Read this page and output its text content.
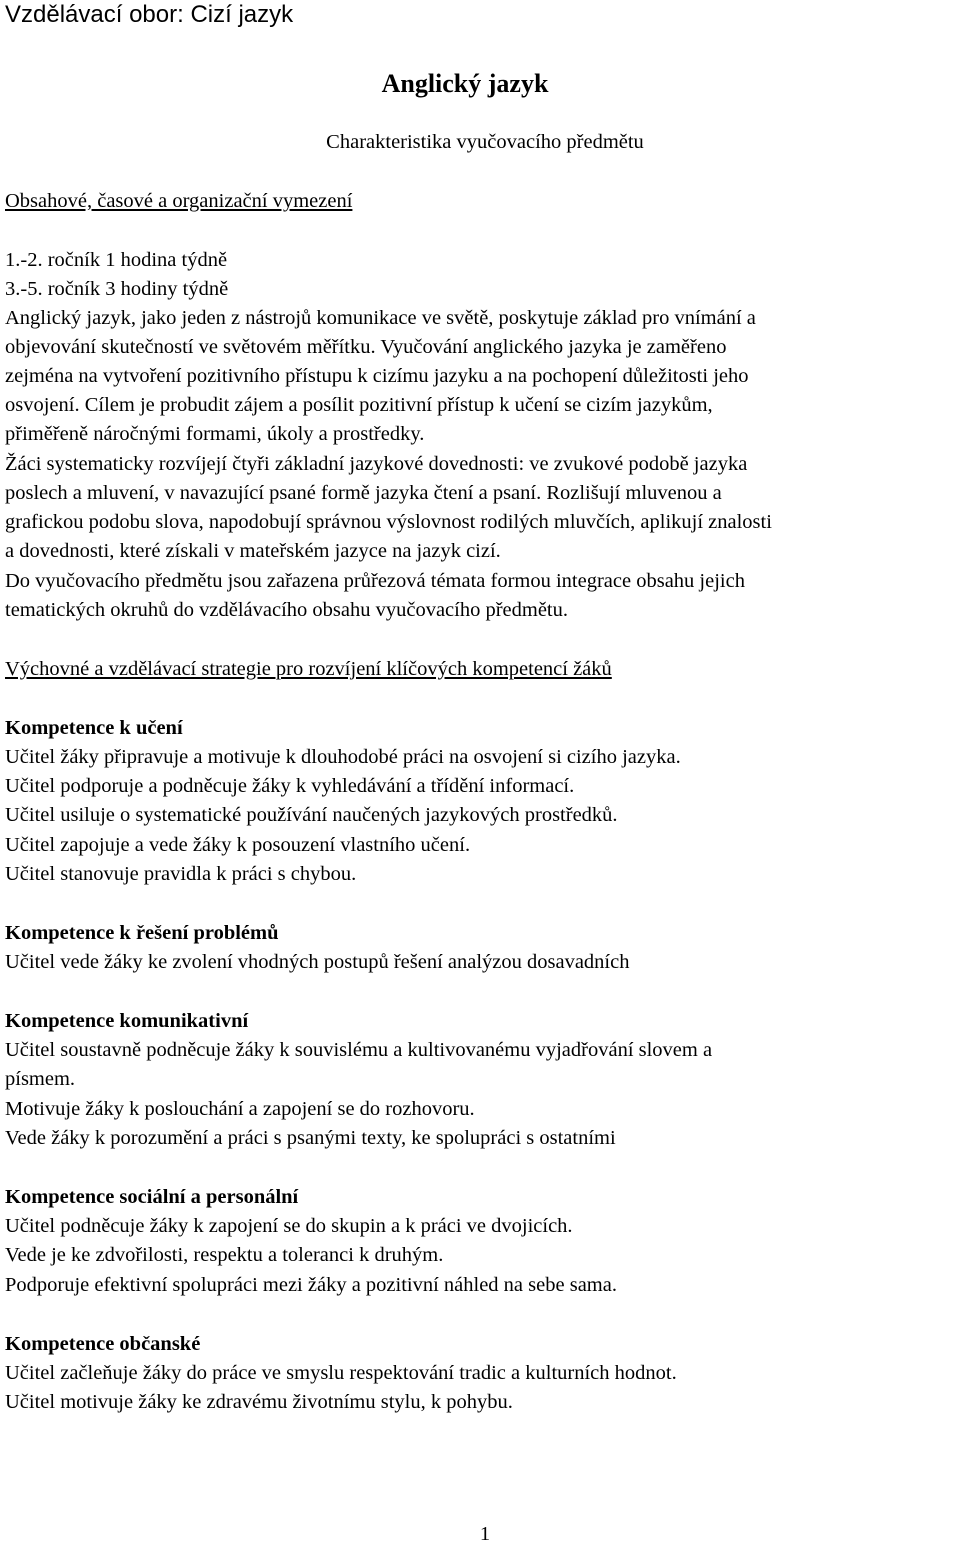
Vzdělávací obor: Cizí jazyk

Anglický jazyk

Charakteristika vyučovacího předmětu

Obsahové, časové a organizační vymezení

1.-2. ročník 1 hodina týdně

3.-5. ročník 3 hodiny týdně

Anglický jazyk, jako jeden z nástrojů komunikace ve světě, poskytuje základ pro vnímání a

objevování skutečností ve světovém měřítku. Vyučování anglického jazyka je zaměřeno

zejména na vytvoření pozitivního přístupu k cizímu jazyku a na pochopení důležitosti jeho

osvojení. Cílem je probudit zájem a posílit pozitivní přístup k učení se cizím jazykům,

přiměřeně náročnými formami, úkoly a prostředky.

Žáci systematicky rozvíjejí čtyři základní jazykové dovednosti: ve zvukové podobě jazyka

poslech a mluvení, v navazující psané formě jazyka čtení a psaní. Rozlišují mluvenou a

grafickou podobu slova, napodobují správnou výslovnost rodilých mluvčích, aplikují znalosti

a dovednosti, které získali v mateřském jazyce na jazyk cizí.

Do vyučovacího předmětu jsou zařazena průřezová témata formou integrace obsahu jejich

tematických okruhů do vzdělávacího obsahu vyučovacího předmětu.

Výchovné a vzdělávací strategie pro rozvíjení klíčových kompetencí žáků

Kompetence k učení

Učitel žáky připravuje a motivuje k dlouhodobé práci na osvojení si cizího jazyka.

Učitel podporuje a podněcuje žáky k vyhledávání a třídění informací.

Učitel usiluje o systematické používání naučených jazykových prostředků.

Učitel zapojuje a vede žáky k posouzení vlastního učení.

Učitel stanovuje pravidla k práci s chybou.

Kompetence k řešení problémů

Učitel vede žáky ke zvolení vhodných postupů řešení analýzou dosavadních

Kompetence komunikativní

Učitel soustavně podněcuje žáky k souvislému a kultivovanému vyjadřování slovem a

písmem.

Motivuje žáky k poslouchání a zapojení se do rozhovoru.

Vede žáky k porozumění a práci s psanými texty, ke spolupráci s ostatními

Kompetence sociální a personální

Učitel podněcuje žáky k zapojení se do skupin a k práci ve dvojicích.

Vede je ke zdvořilosti, respektu a toleranci k druhým.

Podporuje efektivní spolupráci mezi žáky a pozitivní náhled na sebe sama.

Kompetence občanské

Učitel začleňuje žáky do práce ve smyslu respektování tradic a kulturních hodnot.

Učitel motivuje žáky ke zdravému životnímu stylu, k pohybu.

1
